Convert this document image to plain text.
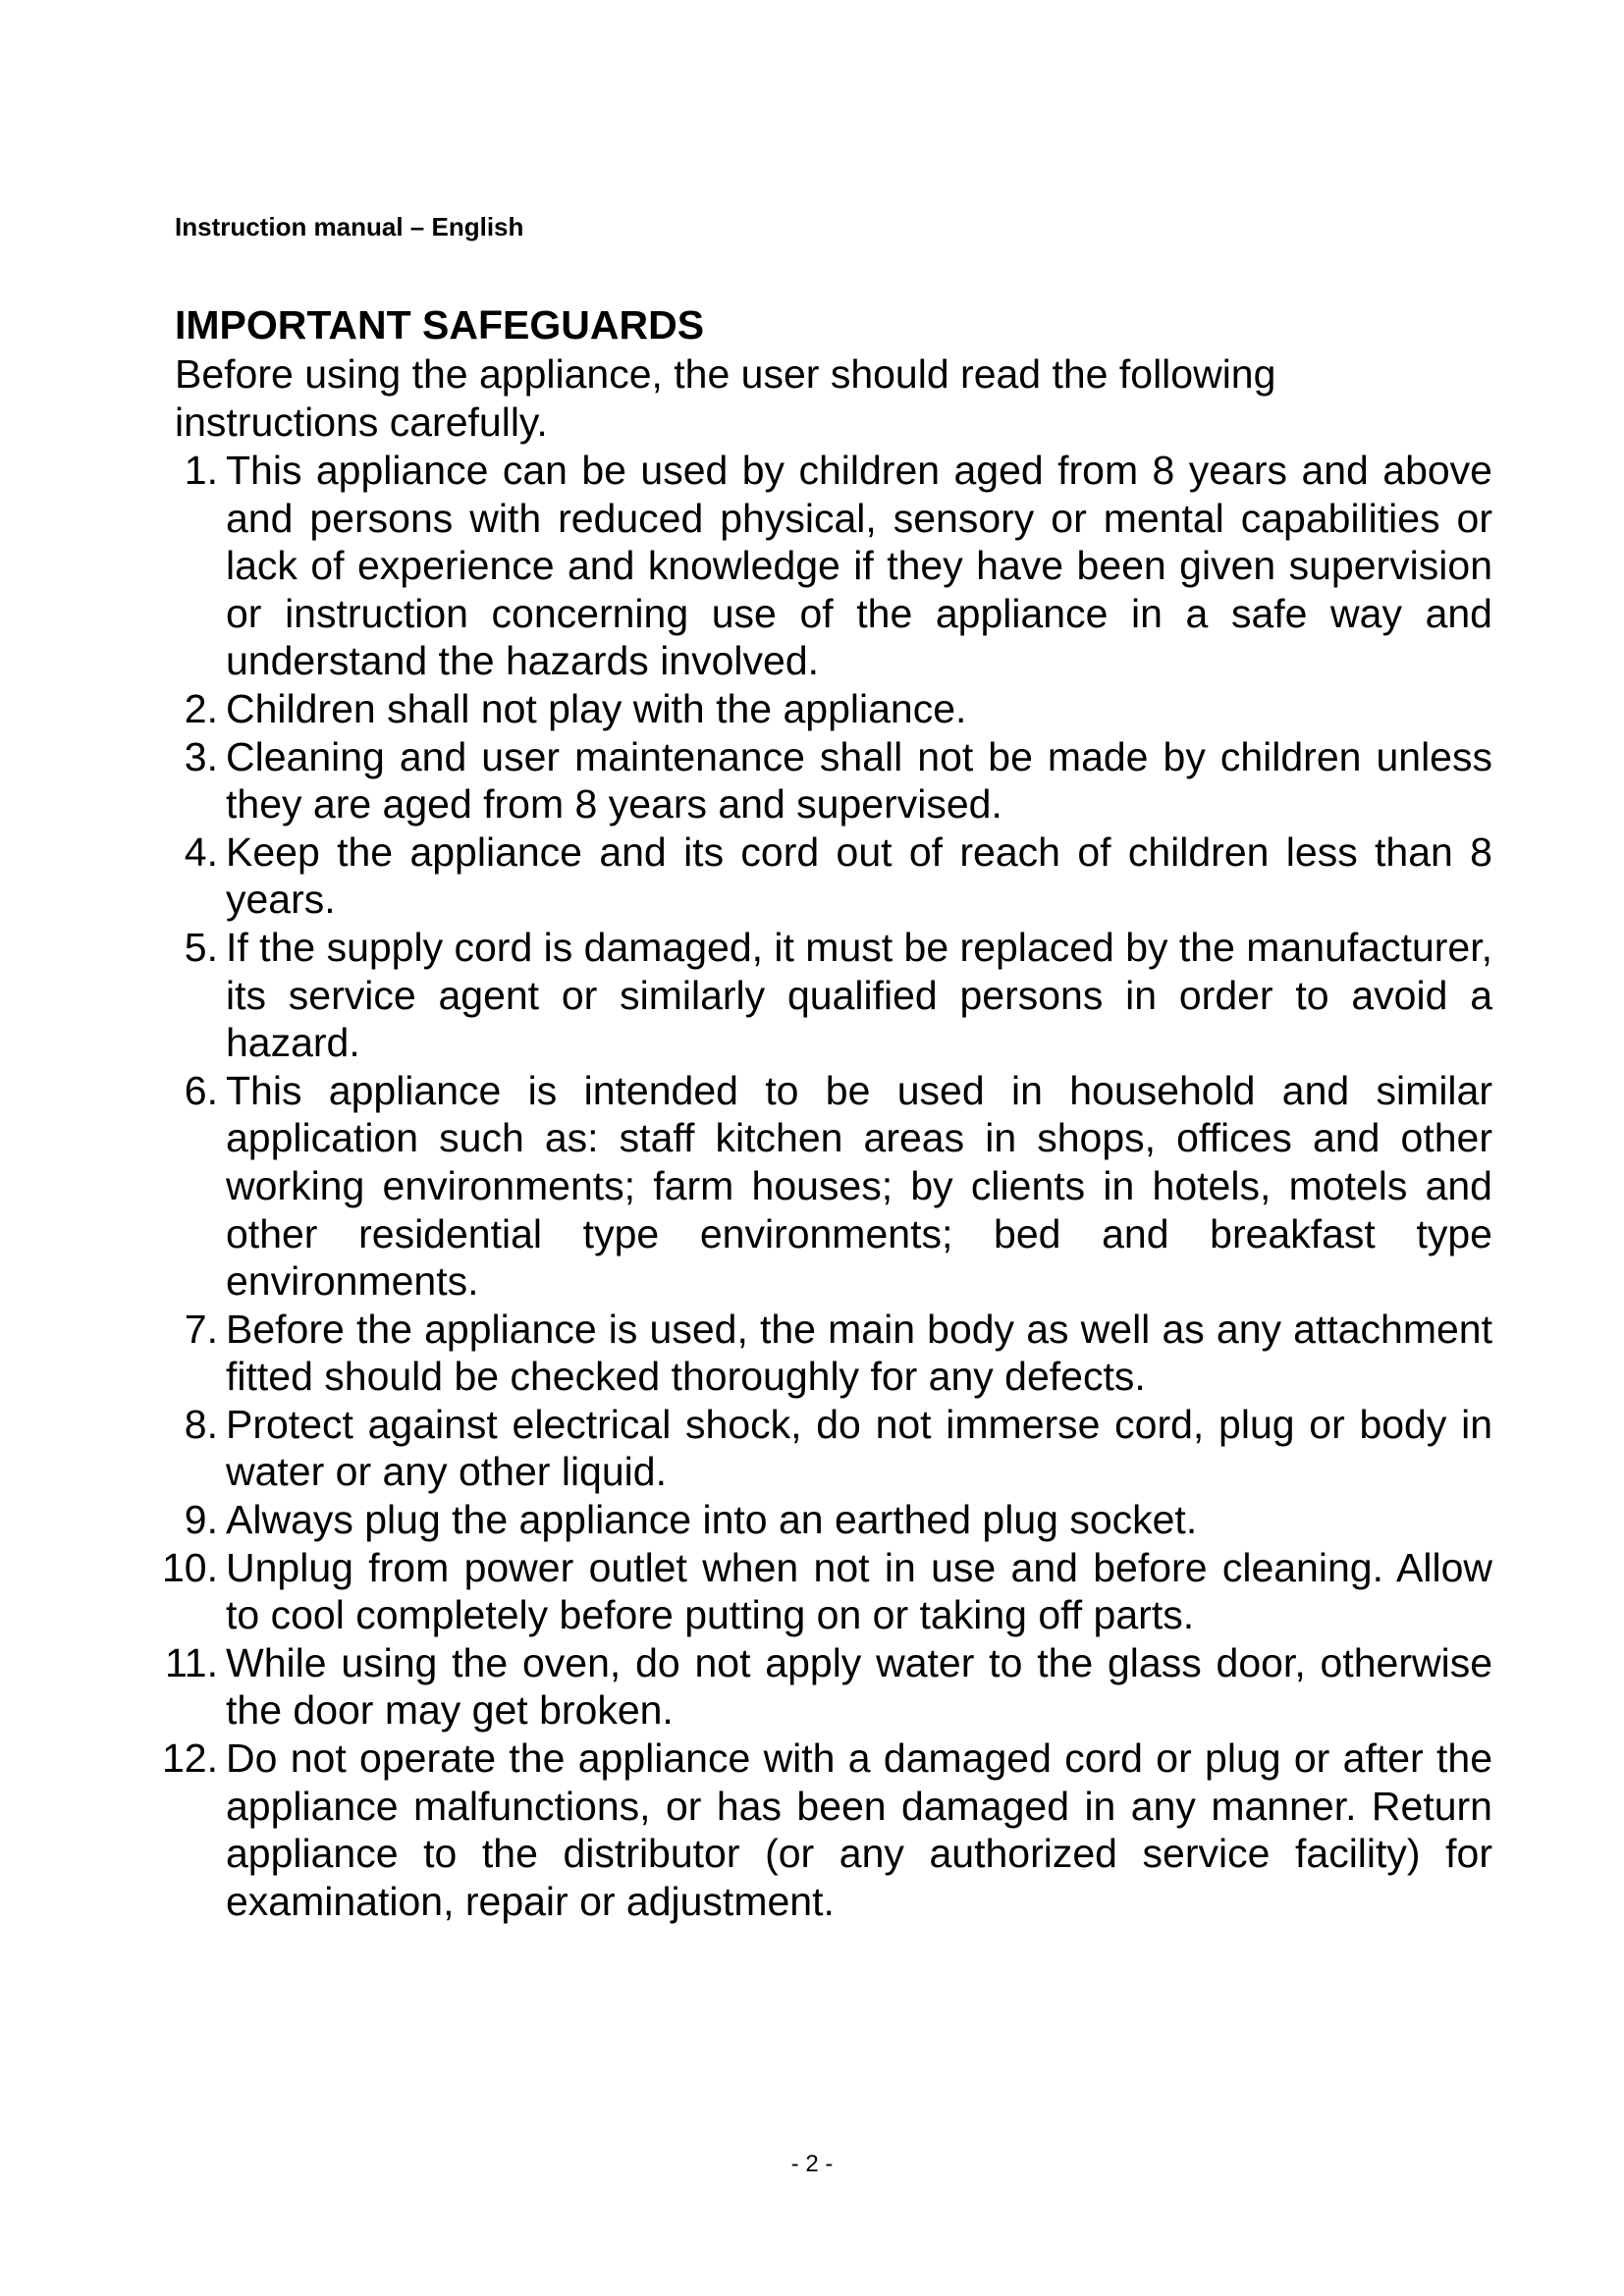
Instruction manual – English
IMPORTANT SAFEGUARDS
Before using the appliance, the user should read the following instructions carefully.
1. This appliance can be used by children aged from 8 years and above and persons with reduced physical, sensory or mental capabilities or lack of experience and knowledge if they have been given supervision or instruction concerning use of the appliance in a safe way and understand the hazards involved.
2. Children shall not play with the appliance.
3. Cleaning and user maintenance shall not be made by children unless they are aged from 8 years and supervised.
4. Keep the appliance and its cord out of reach of children less than 8 years.
5. If the supply cord is damaged, it must be replaced by the manufacturer, its service agent or similarly qualified persons in order to avoid a hazard.
6. This appliance is intended to be used in household and similar application such as: staff kitchen areas in shops, offices and other working environments; farm houses; by clients in hotels, motels and other residential type environments; bed and breakfast type environments.
7. Before the appliance is used, the main body as well as any attachment fitted should be checked thoroughly for any defects.
8. Protect against electrical shock, do not immerse cord, plug or body in water or any other liquid.
9. Always plug the appliance into an earthed plug socket.
10. Unplug from power outlet when not in use and before cleaning. Allow to cool completely before putting on or taking off parts.
11. While using the oven, do not apply water to the glass door, otherwise the door may get broken.
12. Do not operate the appliance with a damaged cord or plug or after the appliance malfunctions, or has been damaged in any manner. Return appliance to the distributor (or any authorized service facility) for examination, repair or adjustment.
- 2 -
